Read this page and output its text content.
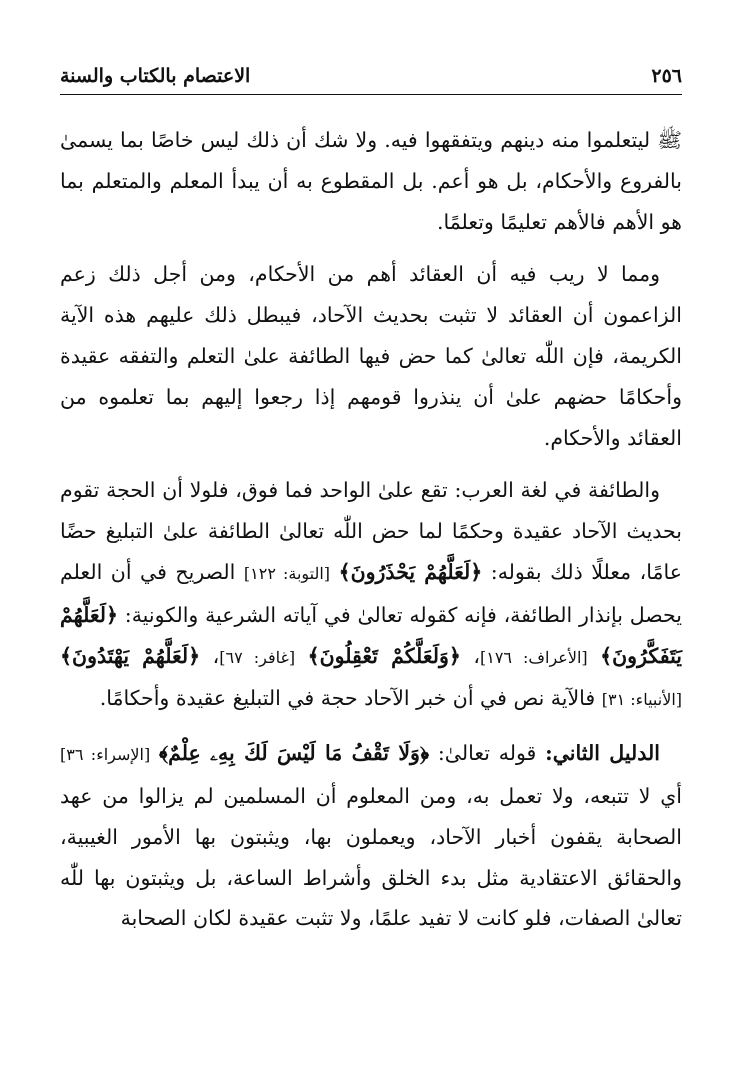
٢٥٦
الاعتصام بالكتاب والسنة

ﷺ ليتعلموا منه دينهم ويتفقهوا فيه. ولا شك أن ذلك ليس خاصًا بما يسمىٰ بالفروع والأحكام، بل هو أعم. بل المقطوع به أن يبدأ المعلم والمتعلم بما هو الأهم فالأهم تعليمًا وتعلمًا.

ومما لا ريب فيه أن العقائد أهم من الأحكام، ومن أجل ذلك زعم الزاعمون أن العقائد لا تثبت بحديث الآحاد، فيبطل ذلك عليهم هذه الآية الكريمة، فإن اللّٰه تعالىٰ كما حض فيها الطائفة علىٰ التعلم والتفقه عقيدة وأحكامًا حضهم علىٰ أن ينذروا قومهم إذا رجعوا إليهم بما تعلموه من العقائد والأحكام.

والطائفة في لغة العرب: تقع علىٰ الواحد فما فوق، فلولا أن الحجة تقوم بحديث الآحاد عقيدة وحكمًا لما حض اللّٰه تعالىٰ الطائفة علىٰ التبليغ حضًا عامًا، معللًا ذلك بقوله: ﴿لَعَلَّهُمْ يَحْذَرُونَ﴾ [التوبة: ١٢٢] الصريح في أن العلم يحصل بإنذار الطائفة، فإنه كقوله تعالىٰ في آياته الشرعية والكونية: ﴿لَعَلَّهُمْ يَتَفَكَّرُونَ﴾ [الأعراف: ١٧٦]، ﴿وَلَعَلَّكُمْ تَعْقِلُونَ﴾ [غافر: ٦٧]، ﴿لَعَلَّهُمْ يَهْتَدُونَ﴾ [الأنبياء: ٣١] فالآية نص في أن خبر الآحاد حجة في التبليغ عقيدة وأحكامًا.

الدليل الثاني: قوله تعالىٰ: ﴿وَلَا تَقْفُ مَا لَيْسَ لَكَ بِهِۦ عِلْمٌ﴾ [الإسراء: ٣٦] أي لا تتبعه، ولا تعمل به، ومن المعلوم أن المسلمين لم يزالوا من عهد الصحابة يقفون أخبار الآحاد، ويعملون بها، ويثبتون بها الأمور الغيبية، والحقائق الاعتقادية مثل بدء الخلق وأشراط الساعة، بل ويثبتون بها للّٰه تعالىٰ الصفات، فلو كانت لا تفيد علمًا، ولا تثبت عقيدة لكان الصحابة
